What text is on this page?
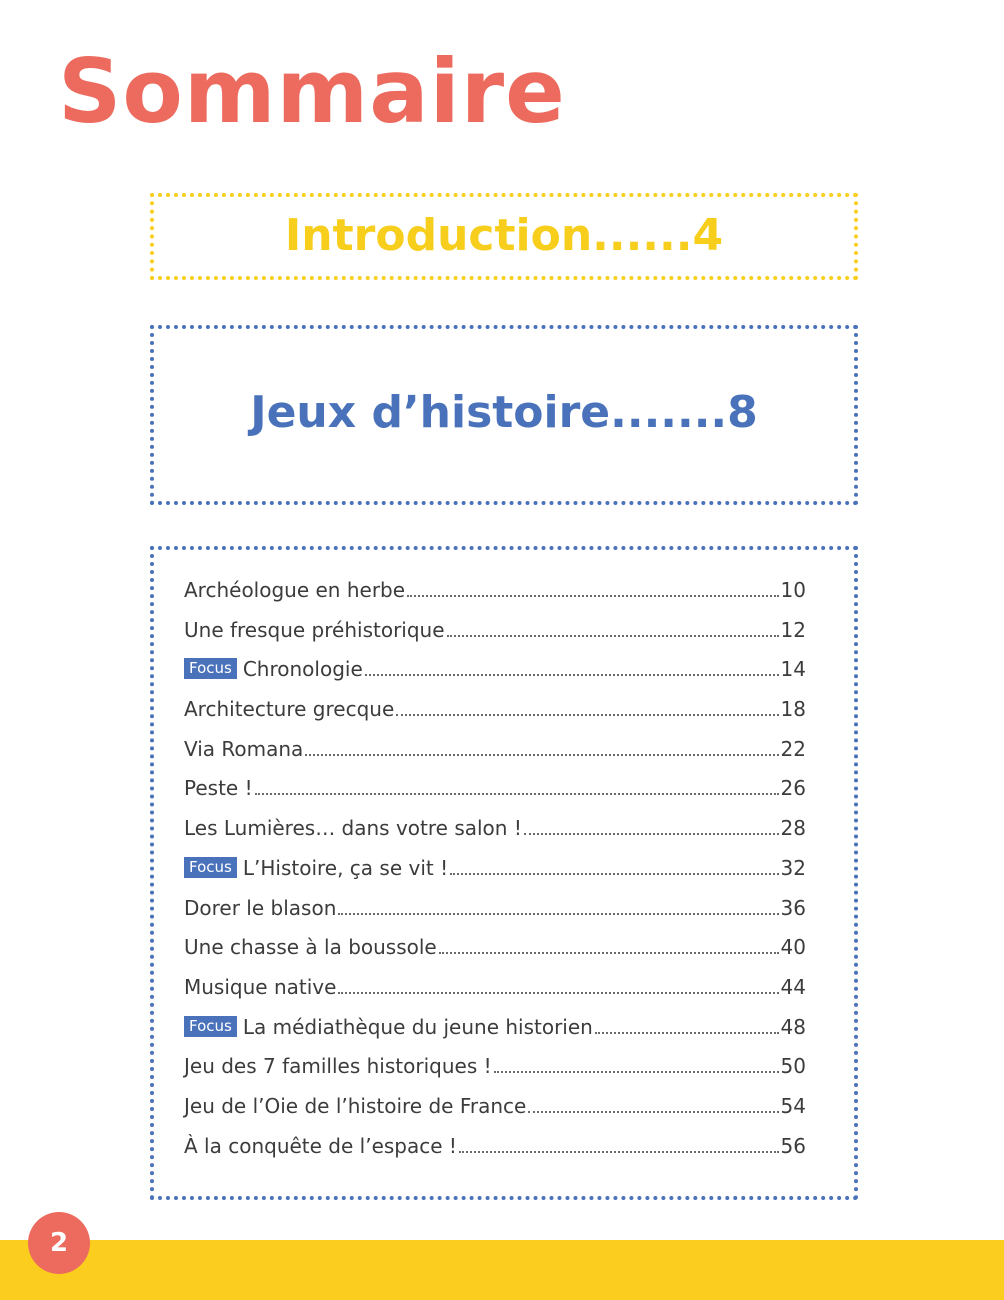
Sommaire
Introduction......4
Jeux d’histoire.......8
Archéologue en herbe	10
Une fresque préhistorique	12
Focus Chronologie	14
Architecture grecque	18
Via Romana	22
Peste !	26
Les Lumières… dans votre salon !	28
Focus L’Histoire, ça se vit !	32
Dorer le blason	36
Une chasse à la boussole	40
Musique native	44
Focus La médiathèque du jeune historien	48
Jeu des 7 familles historiques !	50
Jeu de l’Oie de l’histoire de France	54
À la conquête de l’espace !	56
2
